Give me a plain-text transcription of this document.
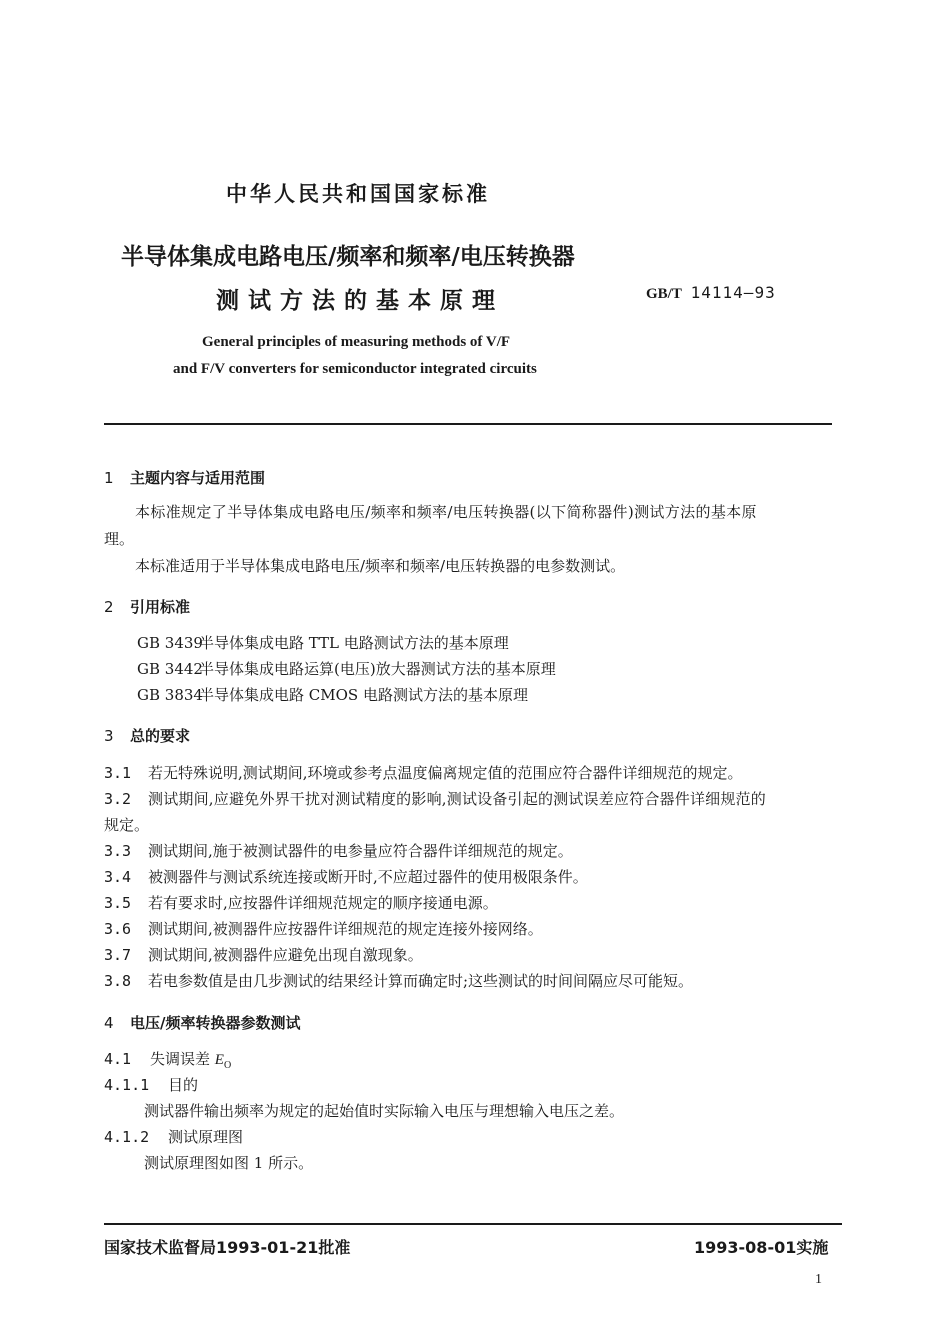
中华人民共和国国家标准
半导体集成电路电压/频率和频率/电压转换器
测试方法的基本原理	GB/T 14114—93
General principles of measuring methods of V/F
and F/V converters for semiconductor integrated circuits
1 主题内容与适用范围
本标准规定了半导体集成电路电压/频率和频率/电压转换器(以下简称器件)测试方法的基本原
理。
本标准适用于半导体集成电路电压/频率和频率/电压转换器的电参数测试。
2 引用标准
GB 3439半导体集成电路 TTL 电路测试方法的基本原理
GB 3442半导体集成电路运算(电压)放大器测试方法的基本原理
GB 3834半导体集成电路 CMOS 电路测试方法的基本原理
3 总的要求
3.1 若无特殊说明,测试期间,环境或参考点温度偏离规定值的范围应符合器件详细规范的规定。
3.2 测试期间,应避免外界干扰对测试精度的影响,测试设备引起的测试误差应符合器件详细规范的
规定。
3.3 测试期间,施于被测试器件的电参量应符合器件详细规范的规定。
3.4 被测器件与测试系统连接或断开时,不应超过器件的使用极限条件。
3.5 若有要求时,应按器件详细规范规定的顺序接通电源。
3.6 测试期间,被测器件应按器件详细规范的规定连接外接网络。
3.7 测试期间,被测器件应避免出现自激现象。
3.8 若电参数值是由几步测试的结果经计算而确定时;这些测试的时间间隔应尽可能短。
4 电压/频率转换器参数测试
4.1 失调误差 $E_O$
4.1.1 目的
测试器件输出频率为规定的起始值时实际输入电压与理想输入电压之差。
4.1.2 测试原理图
测试原理图如图 1 所示。
国家技术监督局1993-01-21批准	1993-08-01实施
1
